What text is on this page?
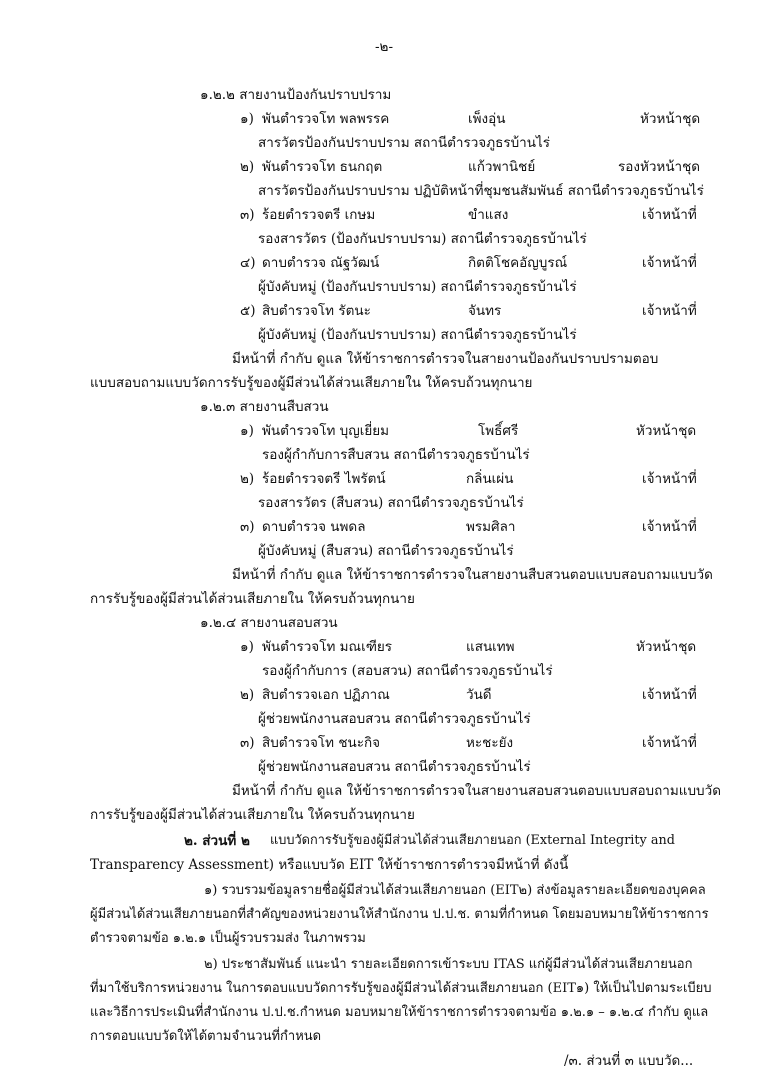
-๒-
๑.๒.๒ สายงานป้องกันปราบปราม
๑) พันตำรวจโท พลพรรค	เพ็งอุ่น	หัวหน้าชุด
สารวัตรป้องกันปราบปราม สถานีตำรวจภูธรบ้านไร่
๒) พันตำรวจโท ธนกฤต	แก้วพานิชย์	รองหัวหน้าชุด
สารวัตรป้องกันปราบปราม ปฏิบัติหน้าที่ชุมชนสัมพันธ์ สถานีตำรวจภูธรบ้านไร่
๓) ร้อยตำรวจตรี เกษม	ขำแสง	เจ้าหน้าที่
รองสารวัตร (ป้องกันปราบปราม) สถานีตำรวจภูธรบ้านไร่
๔) ดาบตำรวจ ณัฐวัฒน์	กิตติโชคอัญบูรณ์	เจ้าหน้าที่
ผู้บังคับหมู่ (ป้องกันปราบปราม) สถานีตำรวจภูธรบ้านไร่
๕) สิบตำรวจโท รัตนะ	จันทร	เจ้าหน้าที่
ผู้บังคับหมู่ (ป้องกันปราบปราม) สถานีตำรวจภูธรบ้านไร่
มีหน้าที่ กำกับ ดูแล ให้ข้าราชการตำรวจในสายงานป้องกันปราบปรามตอบ
แบบสอบถามแบบวัดการรับรู้ของผู้มีส่วนได้ส่วนเสียภายใน ให้ครบถ้วนทุกนาย
๑.๒.๓ สายงานสืบสวน
๑) พันตำรวจโท บุญเยี่ยม	โพธิ์ศรี	หัวหน้าชุด
รองผู้กำกับการสืบสวน สถานีตำรวจภูธรบ้านไร่
๒) ร้อยตำรวจตรี ไพรัตน์	กลิ่นเผ่น	เจ้าหน้าที่
รองสารวัตร (สืบสวน) สถานีตำรวจภูธรบ้านไร่
๓) ดาบตำรวจ นพดล	พรมศิลา	เจ้าหน้าที่
ผู้บังคับหมู่ (สืบสวน) สถานีตำรวจภูธรบ้านไร่
มีหน้าที่ กำกับ ดูแล ให้ข้าราชการตำรวจในสายงานสืบสวนตอบแบบสอบถามแบบวัด
การรับรู้ของผู้มีส่วนได้ส่วนเสียภายใน ให้ครบถ้วนทุกนาย
๑.๒.๔ สายงานสอบสวน
๑) พันตำรวจโท มณเฑียร	แสนเทพ	หัวหน้าชุด
รองผู้กำกับการ (สอบสวน) สถานีตำรวจภูธรบ้านไร่
๒) สิบตำรวจเอก ปฏิภาณ	วันดี	เจ้าหน้าที่
ผู้ช่วยพนักงานสอบสวน สถานีตำรวจภูธรบ้านไร่
๓) สิบตำรวจโท ชนะกิจ	หะชะยัง	เจ้าหน้าที่
ผู้ช่วยพนักงานสอบสวน สถานีตำรวจภูธรบ้านไร่
มีหน้าที่ กำกับ ดูแล ให้ข้าราชการตำรวจในสายงานสอบสวนตอบแบบสอบถามแบบวัด
การรับรู้ของผู้มีส่วนได้ส่วนเสียภายใน ให้ครบถ้วนทุกนาย
๒. ส่วนที่ ๒ แบบวัดการรับรู้ของผู้มีส่วนได้ส่วนเสียภายนอก (External Integrity and
Transparency Assessment) หรือแบบวัด EIT ให้ข้าราชการตำรวจมีหน้าที่ ดังนี้
๑) รวบรวมข้อมูลรายชื่อผู้มีส่วนได้ส่วนเสียภายนอก (EIT๒) ส่งข้อมูลรายละเอียดของบุคคล
ผู้มีส่วนได้ส่วนเสียภายนอกที่สำคัญของหน่วยงานให้สำนักงาน ป.ป.ช. ตามที่กำหนด โดยมอบหมายให้ข้าราชการ
ตำรวจตามข้อ ๑.๒.๑ เป็นผู้รวบรวมส่ง ในภาพรวม
๒) ประชาสัมพันธ์ แนะนำ รายละเอียดการเข้าระบบ ITAS แก่ผู้มีส่วนได้ส่วนเสียภายนอก
ที่มาใช้บริการหน่วยงาน ในการตอบแบบวัดการรับรู้ของผู้มีส่วนได้ส่วนเสียภายนอก (EIT๑) ให้เป็นไปตามระเบียบ
และวิธีการประเมินที่สำนักงาน ป.ป.ช.กำหนด มอบหมายให้ข้าราชการตำรวจตามข้อ ๑.๒.๑ – ๑.๒.๔ กำกับ ดูแล
การตอบแบบวัดให้ได้ตามจำนวนที่กำหนด
/๓. ส่วนที่ ๓ แบบวัด...
